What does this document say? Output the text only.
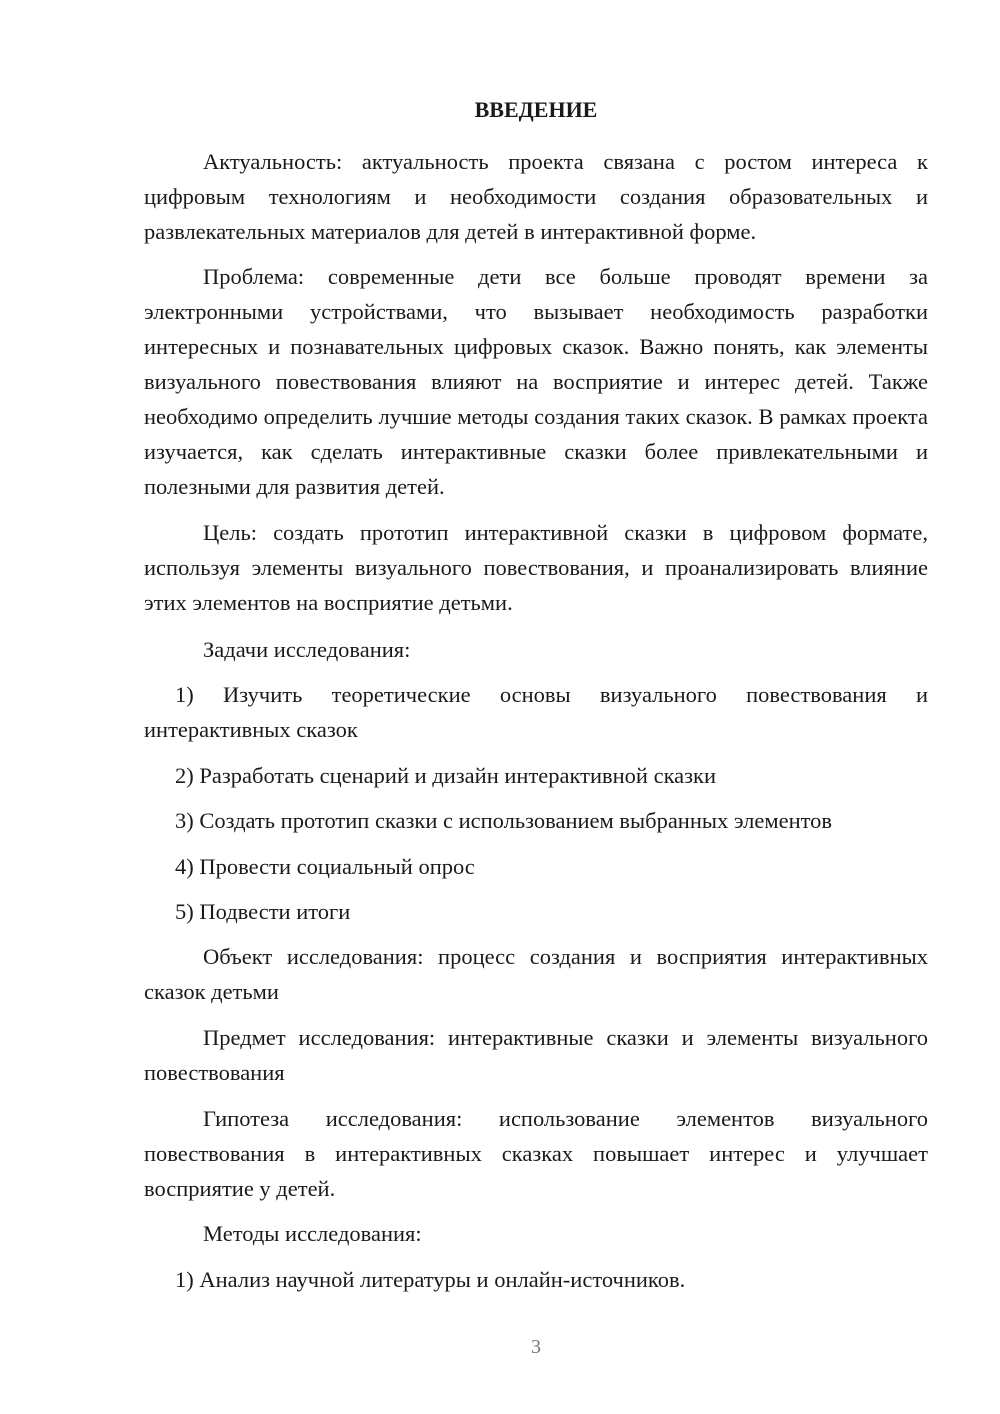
ВВЕДЕНИЕ

Актуальность: актуальность проекта связана с ростом интереса к цифровым технологиям и необходимости создания образовательных и развлекательных материалов для детей в интерактивной форме.

Проблема: современные дети все больше проводят времени за электронными устройствами, что вызывает необходимость разработки интересных и познавательных цифровых сказок. Важно понять, как элементы визуального повествования влияют на восприятие и интерес детей. Также необходимо определить лучшие методы создания таких сказок. В рамках проекта изучается, как сделать интерактивные сказки более привлекательными и полезными для развития детей.

Цель: создать прототип интерактивной сказки в цифровом формате, используя элементы визуального повествования, и проанализировать влияние этих элементов на восприятие детьми.

Задачи исследования:

1) Изучить теоретические основы визуального повествования и интерактивных сказок

2) Разработать сценарий и дизайн интерактивной сказки

3) Создать прототип сказки с использованием выбранных элементов

4) Провести социальный опрос

5) Подвести итоги

Объект исследования: процесс создания и восприятия интерактивных сказок детьми

Предмет исследования: интерактивные сказки и элементы визуального повествования

Гипотеза исследования: использование элементов визуального повествования в интерактивных сказках повышает интерес и улучшает восприятие у детей.

Методы исследования:

1) Анализ научной литературы и онлайн-источников.

3
